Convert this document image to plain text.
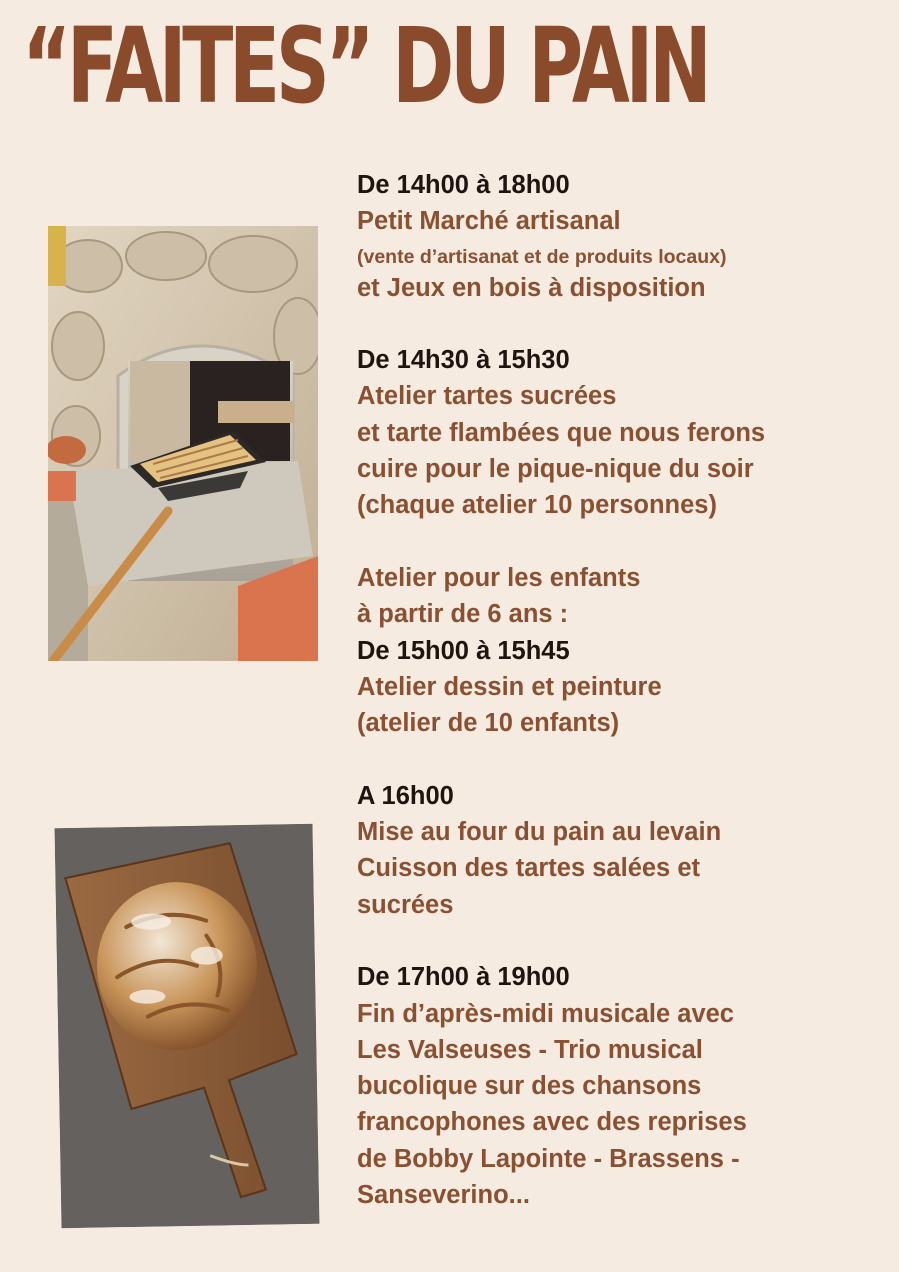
“FAITES” DU PAIN
De 14h00 à 18h00
Petit Marché artisanal
(vente d’artisanat et de produits locaux)
et Jeux en bois à disposition
De 14h30 à 15h30
Atelier tartes sucrées
et tarte flambées que nous ferons
cuire pour le pique-nique du soir
(chaque atelier 10 personnes)
Atelier pour les enfants
à partir de 6 ans :
De 15h00 à 15h45
Atelier dessin et peinture
(atelier de 10 enfants)
A 16h00
Mise au four du pain au levain
Cuisson des tartes salées et
sucrées
De 17h00 à 19h00
Fin d’après-midi musicale avec
Les Valseuses - Trio musical
bucolique sur des chansons
francophones avec des reprises
de Bobby Lapointe - Brassens -
Sanseverino...
